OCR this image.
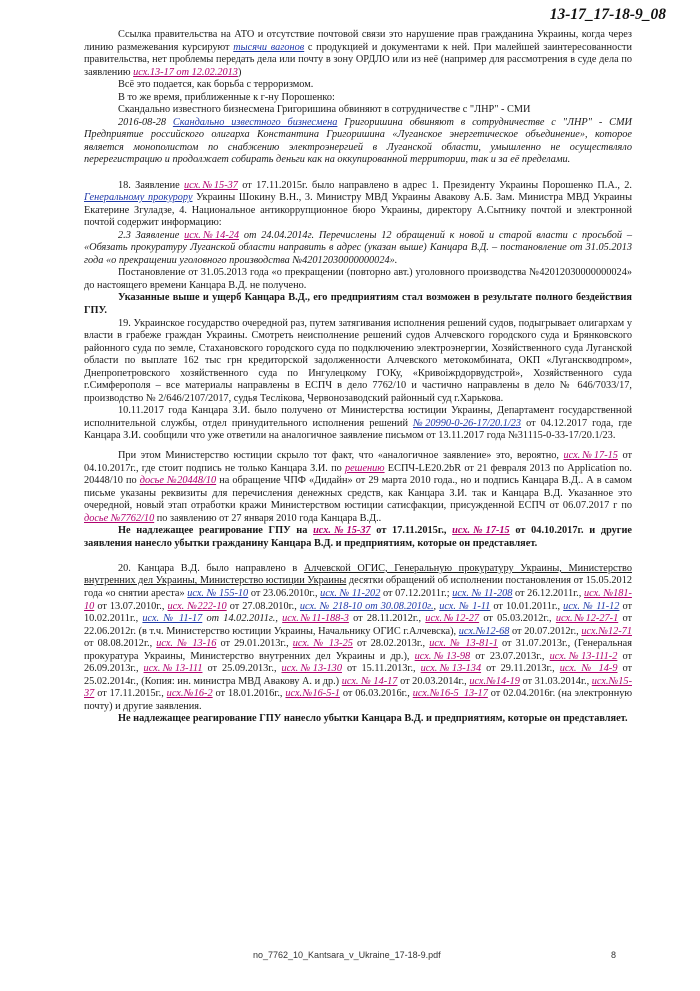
13-17_17-18-9_08

Ссылка правительства на АТО и отсутствие почтовой связи это нарушение прав гражданина Украины, когда через линию размежевания курсируют тысячи вагонов с продукцией и документами к ней. При малейшей заинтересованности правительства, нет проблемы передать дела или почту в зону ОРДЛО или из неё (например для рассмотрения в суде дела по заявлению исх.13-17 от 12.02.2013)

Всё это подается, как борьба с терроризмом.

В то же время, приближенные к г-ну Порошенко:

Скандально известного бизнесмена Григоришина обвиняют в сотрудничестве с "ЛНР" - СМИ

2016-08-28 Скандально известного бизнесмена Григоришина обвиняют в сотрудничестве с "ЛНР" - СМИ Предприятие российского олигарха Константина Григоришина «Луганское энергетическое объединение», которое является монополистом по снабжению электроэнергией в Луганской области, умышленно не осуществляло перерегистрацию и продолжает собирать деньги как на оккупированной территории, так и за её пределами.

18. Заявление исх.№15-37 от 17.11.2015г. было направлено в адрес 1. Президенту Украины Порошенко П.А., 2. Генеральному прокурору Украины Шокину В.Н., 3. Министру МВД Украины Авакову А.Б. Зам. Министра МВД Украины Екатерине Згуладзе, 4. Национальное антикоррупционное бюро Украины, директору А.Сытнику почтой и электронной почтой содержит информацию:

2.3 Заявление исх.№14-24 от 24.04.2014г. Перечислены 12 обращений к новой и старой власти с просьбой – «Обязать прокуратуру Луганской области направить в адрес (указан выше) Канцара В.Д. – постановление от 31.05.2013 года «о прекращении уголовного производства №42012030000000024».

Постановление от 31.05.2013 года «о прекращении (повторно авт.) уголовного производства №42012030000000024» до настоящего времени Канцара В.Д. не получено.

Указанные выше и ущерб Канцара В.Д., его предприятиям стал возможен в результате полного бездействия ГПУ.

19. Украинское государство очередной раз, путем затягивания исполнения решений судов, подыгрывает олигархам у власти в грабеже граждан Украины. Смотреть неисполнение решений судов Алчевского городского суда и Брянковского районного суда по земле, Стахановского городского суда по подключению электроэнергии, Хозяйственного суда Луганской области по выплате 162 тыс грн кредиторской задолженности Алчевского метокомбината, ОКП «Луганскводпром», Днепропетровского хозяйственного суда по Ингулецкому ГОКу, «Кривоіжрдорвудстрой», Хозяйственного суда г.Симферополя – все материалы направлены в ЕСПЧ в дело 7762/10 и частично направлены в дело № 646/7033/17, производство № 2/646/2107/2017, судья Теслікова, Червонозаводский районный суд г.Харькова.

10.11.2017 года Канцара З.И. было получено от Министерства юстиции Украины, Департамент государственной исполнительной службы, отдел принудительного исполнения решений №20990-0-26-17/20.1/23 от 04.12.2017 года, где Канцара З.И. сообщили что уже ответили на аналогичное заявление письмом от 13.11.2017 года №31115-0-33-17/20.1/23.

При этом Министерство юстиции скрыло тот факт, что «аналогичное заявление» это, вероятно, исх.№17-15 от 04.10.2017г., где стоит подпись не только Канцара З.И. по решению ЕСПЧ-LE20.2bR от 21 февраля 2013 по Application no. 20448/10 по досье №20448/10 на обращение ЧПФ «Дидайн» от 29 марта 2010 года., но и подпись Канцара В.Д.. А в самом письме указаны реквизиты для перечисления денежных средств, как Канцара З.И. так и Канцара В.Д. Указанное это очередной, новый этап отработки кражи Министерством юстиции сатисфакции, присужденной ЕСПЧ от 06.07.2017 г по досье №7762/10 по заявлению от 27 января 2010 года Канцара В.Д..

Не надлежащее реагирование ГПУ на исх.№15-37 от 17.11.2015г., исх.№17-15 от 04.10.2017г. и другие заявления нанесло убытки гражданину Канцара В.Д. и предприятиям, которые он представляет.

20. Канцара В.Д. было направлено в Алчевской ОГИС, Генеральную прокуратуру Украины, Министерство внутренних дел Украины, Министерство юстиции Украины десятки обращений об исполнении постановления от 15.05.2012 года «о снятии ареста» исх. № 155-10 от 23.06.2010г., исх. № 11-202 от 07.12.2011г.; исх. № 11-208 от 26.12.2011г., исх. №181-10 от 13.07.2010г., исх. №222-10 от 27.08.2010г., исх. № 218-10 от 30.08.2010г., исх. № 1-11 от 10.01.2011г., исх. № 11-12 от 10.02.2011г., исх. № 11-17 от 14.02.2011г., исх.№11-188-3 от 28.11.2012г., исх.№12-27 от 05.03.2012г., исх.№12-27-1 от 22.06.2012г. (в т.ч. Министерство юстиции Украины, Начальнику ОГИС г.Алчевска), исх.№12-68 от 20.07.2012г., исх.№12-71 от 08.08.2012г., исх. № 13-16 от 29.01.2013г., исх. № 13-25 от 28.02.2013г., исх. № 13-81-1 от 31.07.2013г., (Генеральная прокуратура Украины, Министерство внутренних дел Украины и др.), исх.№13-98 от 23.07.2013г., исх.№13-111-2 от 26.09.2013г., исх.№13-111 от 25.09.2013г., исх.№13-130 от 15.11.2013г., исх.№13-134 от 29.11.2013г., исх. № 14-9 от 25.02.2014г., (Копия: ин. министра МВД Авакову А. и др.) исх. № 14-17 от 20.03.2014г., исх.№14-19 от 31.03.2014г., исх.№15-37 от 17.11.2015г., исх.№16-2 от 18.01.2016г., исх.№16-5-1 от 06.03.2016г., исх.№16-5_13-17 от 02.04.2016г. (на электронную почту) и другие заявления.

Не надлежащее реагирование ГПУ нанесло убытки Канцара В.Д. и предприятиям, которые он представляет.

no_7762_10_Kantsara_v_Ukraine_17-18-9.pdf	8
